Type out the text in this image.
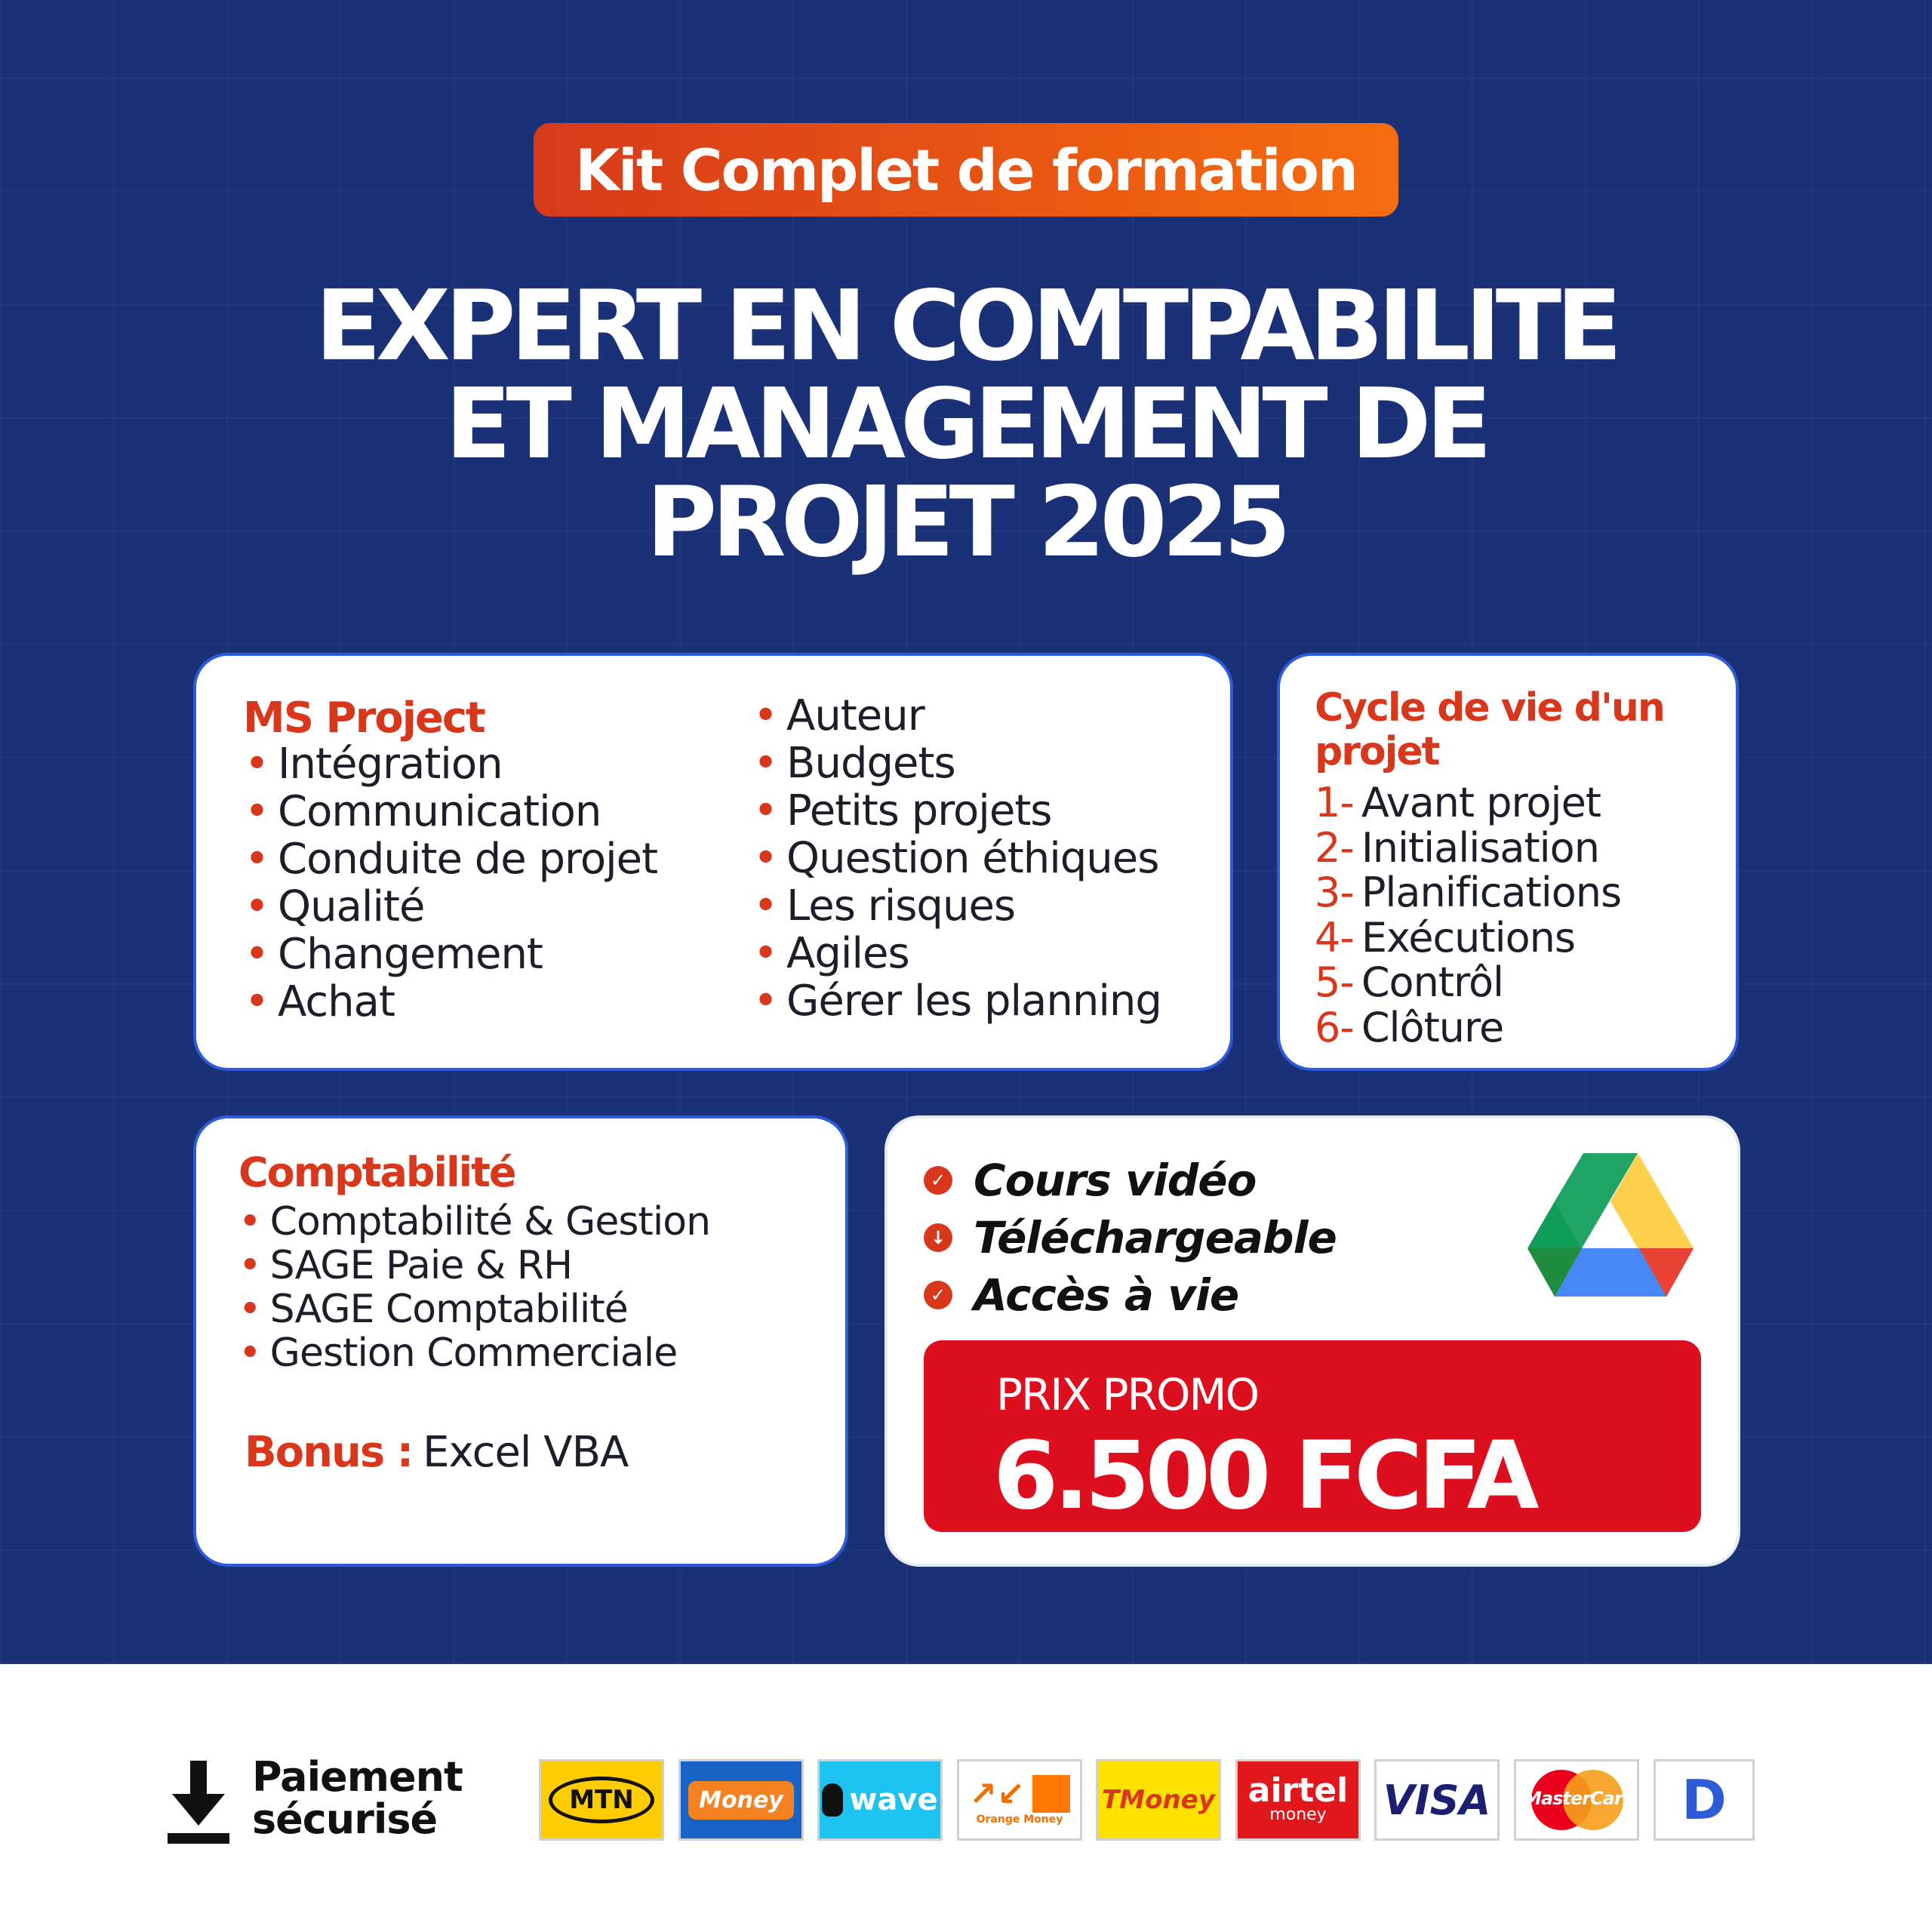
Kit Complet de formation
EXPERT EN COMTPABILITE
ET MANAGEMENT DE
PROJET 2025
MS Project
• Intégration
• Communication
• Conduite de projet
• Qualité
• Changement
• Achat
• Auteur
• Budgets
• Petits projets
• Question éthiques
• Les risques
• Agiles
• Gérer les planning
Cycle de vie d'un projet
1- Avant projet
2- Initialisation
3- Planifications
4- Exécutions
5- Contrôl
6- Clôture
Comptabilité
• Comptabilité & Gestion
• SAGE Paie & RH
• SAGE Comptabilité
• Gestion Commerciale
Bonus : Excel VBA
✓ Cours vidéo
↓ Téléchargeable
✓ Accès à vie
PRIX PROMO
6.500 FCFA
Paiement
sécurisé	MTN	Money	wave ↗↙
Orange Money
TMoney airtel
money VISA MasterCard D
